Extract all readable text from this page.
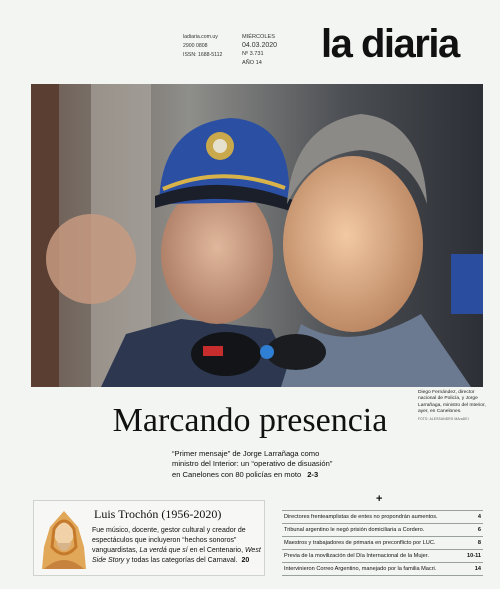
ladiaria.com.uy
2900 0808
ISSN: 1688-5112
MIÉRCOLES
04.03.2020
Nº 3.731
AÑO 14	la diaria
Diego Fernández, director nacional de Policía, y Jorge Larrañaga, ministro del Interior, ayer, en Canelones.
FOTO: ALESSANDRO MAraDEI
Marcando presencia
“Primer mensaje” de Jorge Larrañaga como ministro del Interior: un “operativo de disuasión” en Canelones con 80 policías en moto 2-3
Luis Trochón (1956-2020)
Fue músico, docente, gestor cultural y creador de espectáculos que incluyeron “hechos sonoros” vanguardistas, La verdá que sí en el Centenario, West Side Story y todas las categorías del Carnaval. 20
+
Directores frenteamplistas de entes no propondrán aumentos.	4
Tribunal argentino le negó prisión domiciliaria a Cordero.	6
Maestros y trabajadores de primaria en preconflicto por LUC.	8
Previa de la movilización del Día Internacional de la Mujer.	10-11
Intervinieron Correo Argentino, manejado por la familia Macri.	14
